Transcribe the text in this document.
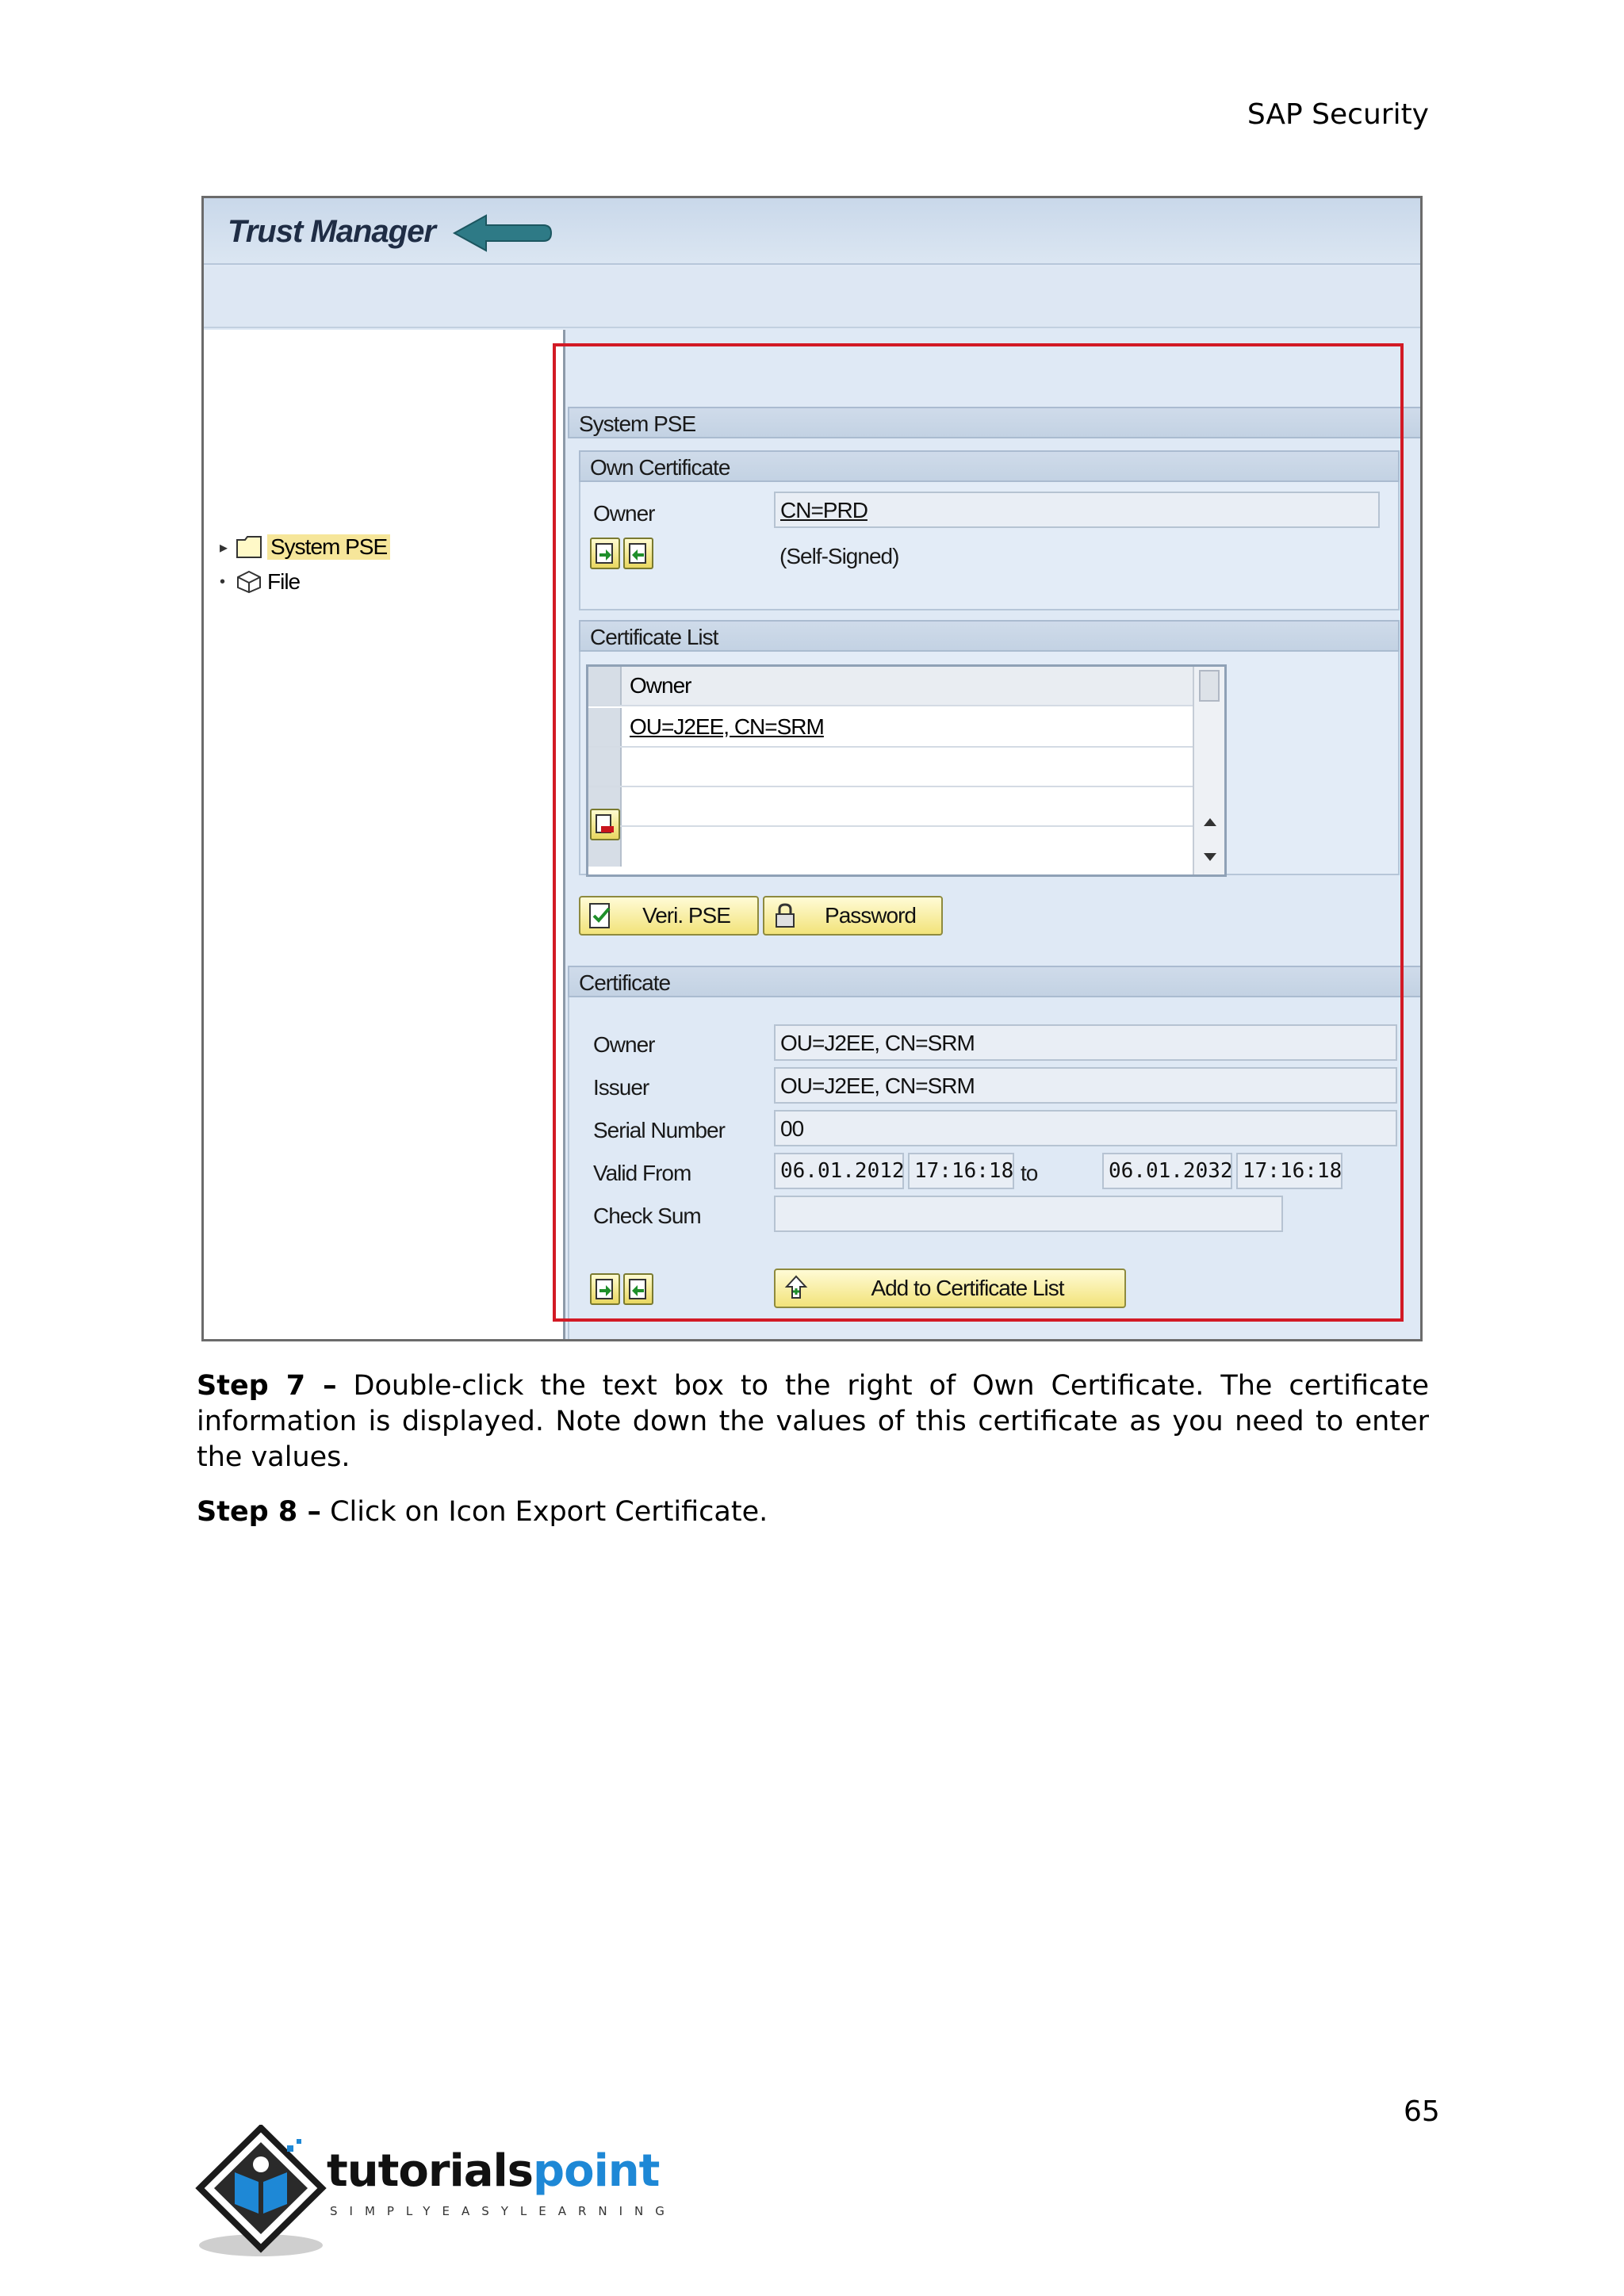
SAP Security
Trust Manager
▸ System PSE
• File
System PSE
Own Certificate
Owner	CN=PRD
(Self-Signed)
Certificate List
Owner
OU=J2EE, CN=SRM
Veri. PSE	Password
Certificate
Owner	OU=J2EE, CN=SRM
Issuer	OU=J2EE, CN=SRM
Serial Number	00
Valid From	06.01.2012 17:16:18 to	06.01.2032 17:16:18
Check Sum
Add to Certificate List
Step 7 – Double-click the text box to the right of Own Certificate. The certificate information is displayed. Note down the values of this certificate as you need to enter the values.
Step 8 – Click on Icon Export Certificate.
65
tutorialspoint
SIMPLYEASYLEARNING
